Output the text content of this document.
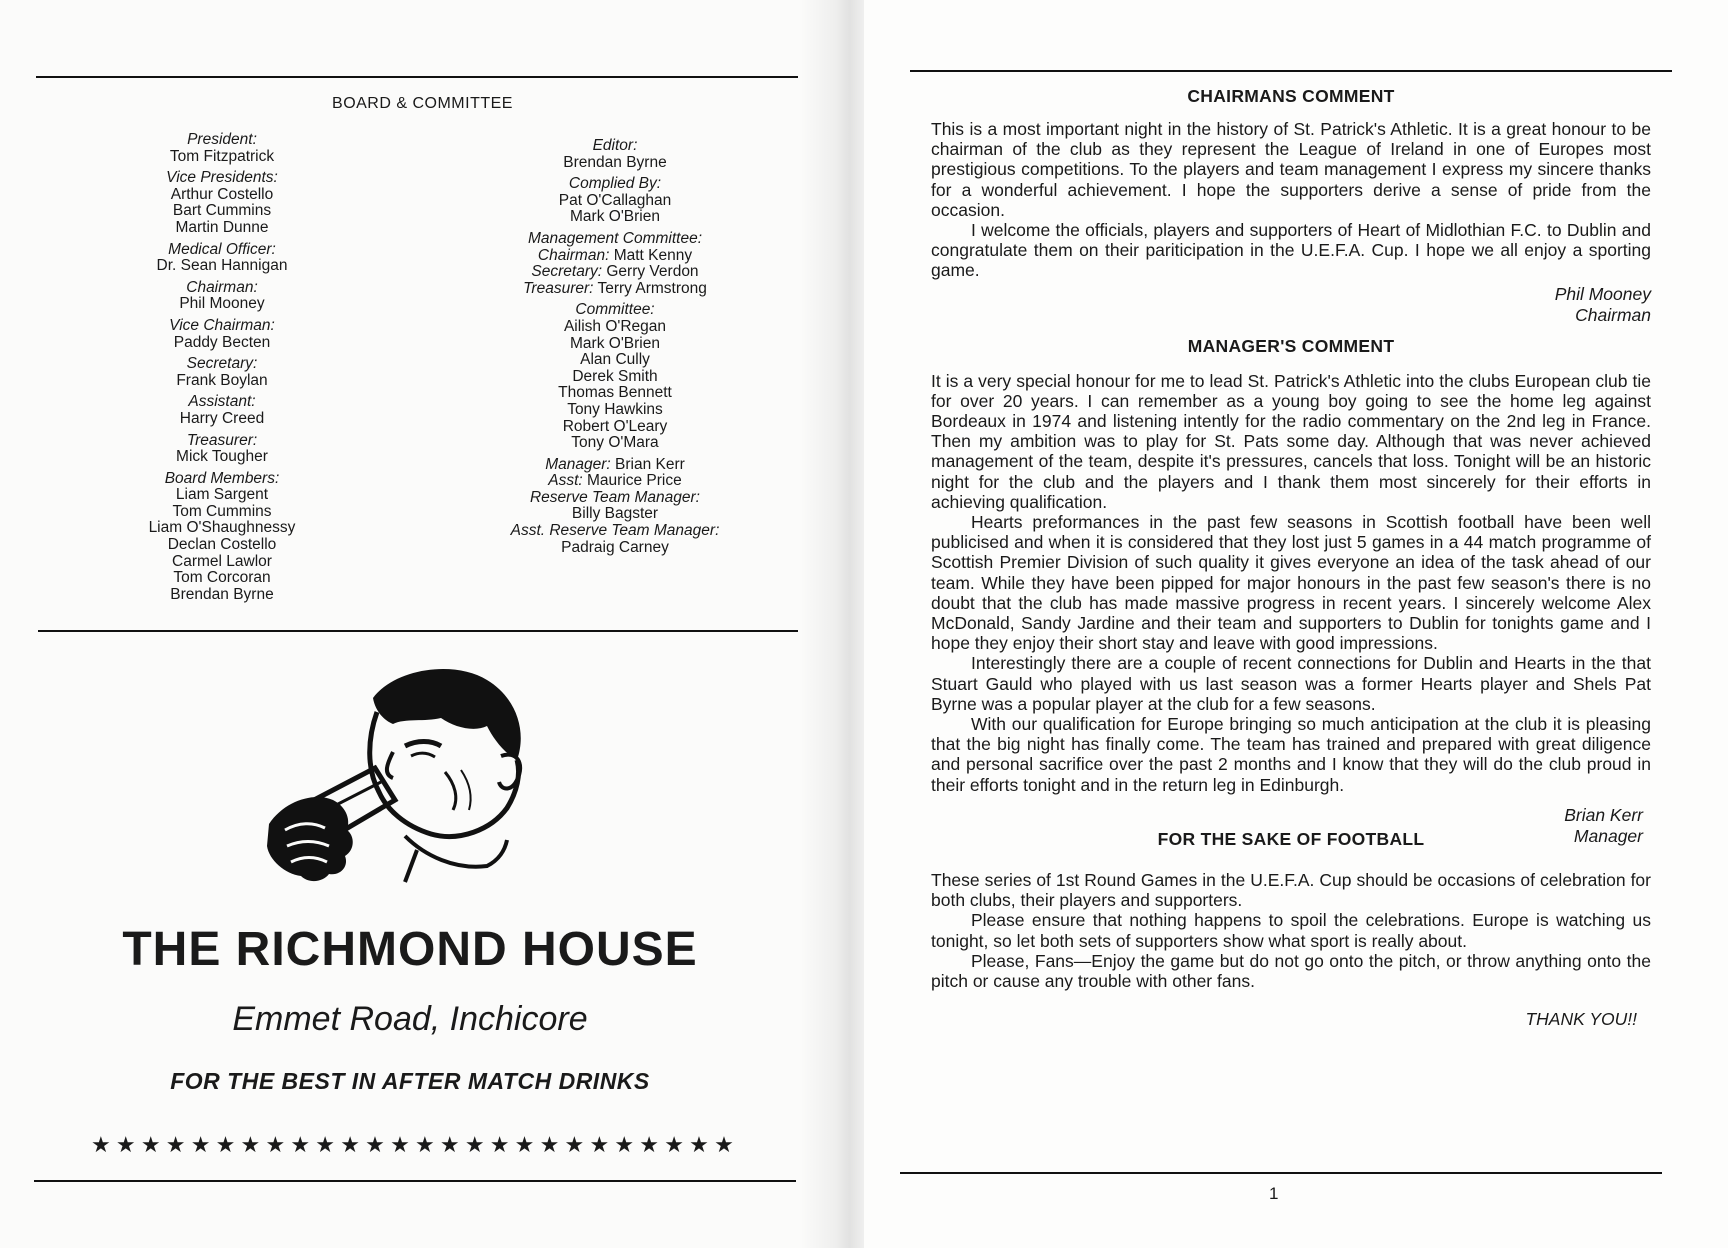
BOARD & COMMITTEE
President:
Tom Fitzpatrick
Vice Presidents:
Arthur Costello
Bart Cummins
Martin Dunne
Medical Officer:
Dr. Sean Hannigan
Chairman:
Phil Mooney
Vice Chairman:
Paddy Becten
Secretary:
Frank Boylan
Assistant:
Harry Creed
Treasurer:
Mick Tougher
Board Members:
Liam Sargent
Tom Cummins
Liam O'Shaughnessy
Declan Costello
Carmel Lawlor
Tom Corcoran
Brendan Byrne
Editor:
Brendan Byrne
Complied By:
Pat O'Callaghan
Mark O'Brien
Management Committee:
Chairman: Matt Kenny
Secretary: Gerry Verdon
Treasurer: Terry Armstrong
Committee:
Ailish O'Regan
Mark O'Brien
Alan Cully
Derek Smith
Thomas Bennett
Tony Hawkins
Robert O'Leary
Tony O'Mara
Manager: Brian Kerr
Asst: Maurice Price
Reserve Team Manager:
Billy Bagster
Asst. Reserve Team Manager:
Padraig Carney
THE RICHMOND HOUSE
Emmet Road, Inchicore
FOR THE BEST IN AFTER MATCH DRINKS
★★★★★★★★★★★★★★★★★★★★★★★★★★
CHAIRMANS COMMENT

This is a most important night in the history of St. Patrick's Athletic. It is a great honour to be chairman of the club as they represent the League of Ireland in one of Europes most prestigious competitions. To the players and team management I express my sincere thanks for a wonderful achievement. I hope the supporters derive a sense of pride from the occasion.

I welcome the officials, players and supporters of Heart of Midlothian F.C. to Dublin and congratulate them on their pariticipation in the U.E.F.A. Cup. I hope we all enjoy a sporting game.

Phil Mooney
Chairman
MANAGER'S COMMENT

It is a very special honour for me to lead St. Patrick's Athletic into the clubs European club tie for over 20 years. I can remember as a young boy going to see the home leg against Bordeaux in 1974 and listening intently for the radio commentary on the 2nd leg in France. Then my ambition was to play for St. Pats some day. Although that was never achieved management of the team, despite it's pressures, cancels that loss. Tonight will be an historic night for the club and the players and I thank them most sincerely for their efforts in achieving qualification.

Hearts preformances in the past few seasons in Scottish football have been well publicised and when it is considered that they lost just 5 games in a 44 match programme of Scottish Premier Division of such quality it gives everyone an idea of the task ahead of our team. While they have been pipped for major honours in the past few season's there is no doubt that the club has made massive progress in recent years. I sincerely welcome Alex McDonald, Sandy Jardine and their team and supporters to Dublin for tonights game and I hope they enjoy their short stay and leave with good impressions.

Interestingly there are a couple of recent connections for Dublin and Hearts in the that Stuart Gauld who played with us last season was a former Hearts player and Shels Pat Byrne was a popular player at the club for a few seasons.

With our qualification for Europe bringing so much anticipation at the club it is pleasing that the big night has finally come. The team has trained and prepared with great diligence and personal sacrifice over the past 2 months and I know that they will do the club proud in their efforts tonight and in the return leg in Edinburgh.

Brian Kerr
Manager
FOR THE SAKE OF FOOTBALL

These series of 1st Round Games in the U.E.F.A. Cup should be occasions of celebration for both clubs, their players and supporters.

Please ensure that nothing happens to spoil the celebrations. Europe is watching us tonight, so let both sets of supporters show what sport is really about.

Please, Fans—Enjoy the game but do not go onto the pitch, or throw anything onto the pitch or cause any trouble with other fans.

THANK YOU!!
1
